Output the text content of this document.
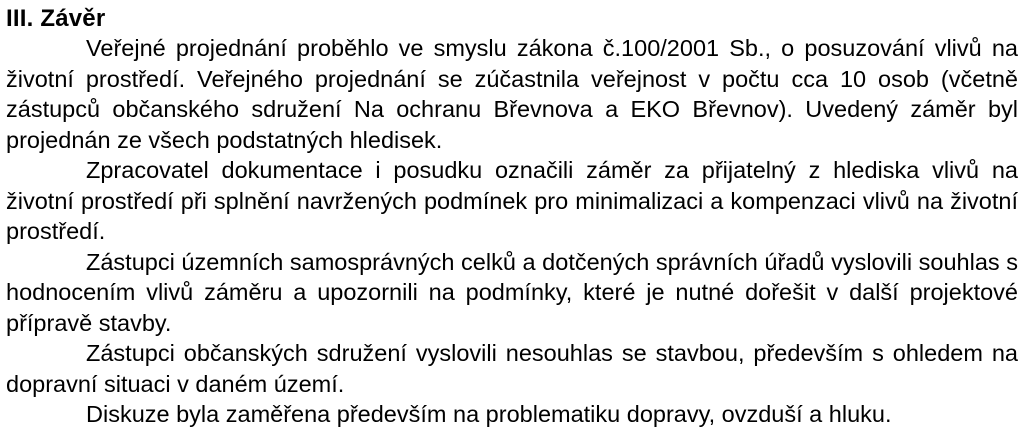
III. Závěr

Veřejné projednání proběhlo ve smyslu zákona č.100/2001 Sb., o posuzování vlivů na životní prostředí. Veřejného projednání se zúčastnila veřejnost v počtu cca 10 osob (včetně zástupců občanského sdružení Na ochranu Břevnova a EKO Břevnov). Uvedený záměr byl projednán ze všech podstatných hledisek.

Zpracovatel dokumentace i posudku označili záměr za přijatelný z hlediska vlivů na životní prostředí při splnění navržených podmínek pro minimalizaci a kompenzaci vlivů na životní prostředí.

Zástupci územních samosprávných celků a dotčených správních úřadů vyslovili souhlas s hodnocením vlivů záměru a upozornili na podmínky, které je nutné dořešit v další projektové přípravě stavby.

Zástupci občanských sdružení vyslovili nesouhlas se stavbou, především s ohledem na dopravní situaci v daném území.

Diskuze byla zaměřena především na problematiku dopravy, ovzduší a hluku.
